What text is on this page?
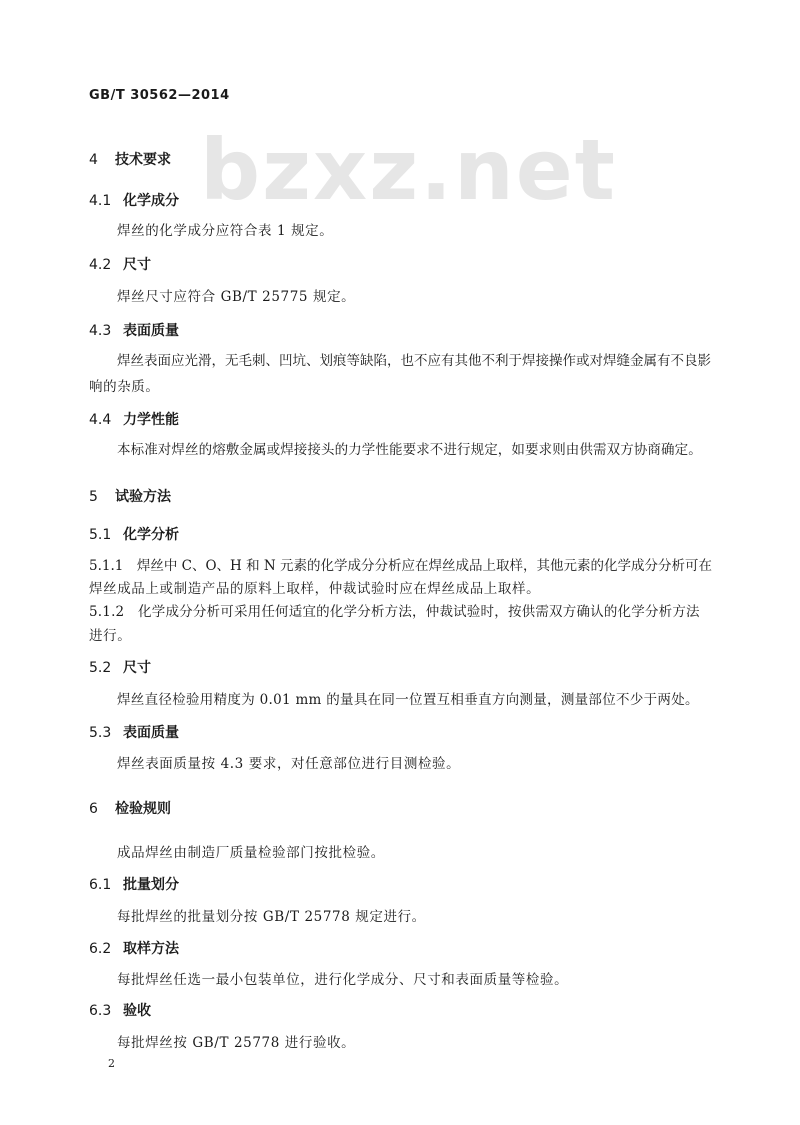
GB/T 30562—2014
bzxz.net
4 技术要求
4.1 化学成分
焊丝的化学成分应符合表 1 规定。
4.2 尺寸
焊丝尺寸应符合 GB/T 25775 规定。
4.3 表面质量
焊丝表面应光滑，无毛刺、凹坑、划痕等缺陷，也不应有其他不利于焊接操作或对焊缝金属有不良影
响的杂质。
4.4 力学性能
本标准对焊丝的熔敷金属或焊接接头的力学性能要求不进行规定，如要求则由供需双方协商确定。
5 试验方法
5.1 化学分析
5.1.1　焊丝中 C、O、H 和 N 元素的化学成分分析应在焊丝成品上取样，其他元素的化学成分分析可在
焊丝成品上或制造产品的原料上取样，仲裁试验时应在焊丝成品上取样。
5.1.2　化学成分分析可采用任何适宜的化学分析方法，仲裁试验时，按供需双方确认的化学分析方法
进行。
5.2 尺寸
焊丝直径检验用精度为 0.01 mm 的量具在同一位置互相垂直方向测量，测量部位不少于两处。
5.3 表面质量
焊丝表面质量按 4.3 要求，对任意部位进行目测检验。
6 检验规则
成品焊丝由制造厂质量检验部门按批检验。
6.1 批量划分
每批焊丝的批量划分按 GB/T 25778 规定进行。
6.2 取样方法
每批焊丝任选一最小包装单位，进行化学成分、尺寸和表面质量等检验。
6.3 验收
每批焊丝按 GB/T 25778 进行验收。
2
